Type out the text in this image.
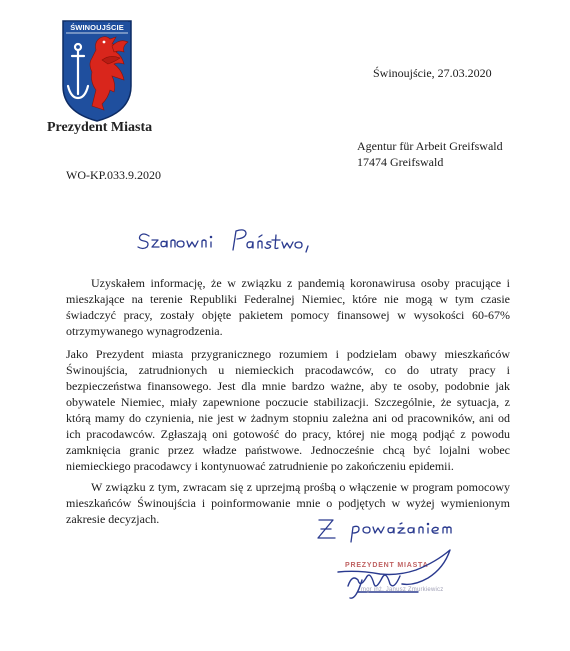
ŚWINOUJŚCIE
Prezydent Miasta
Świnoujście, 27.03.2020
Agentur für Arbeit Greifswald
17474 Greifswald
WO-KP.033.9.2020

Uzyskałem informację, że w związku z pandemią koronawirusa osoby pracujące i mieszkające na terenie Republiki Federalnej Niemiec, które nie mogą w tym czasie świadczyć pracy, zostały objęte pakietem pomocy finansowej w wysokości 60-67% otrzymywanego wynagrodzenia.

Jako Prezydent miasta przygranicznego rozumiem i podzielam obawy mieszkańców Świnoujścia, zatrudnionych u niemieckich pracodawców, co do utraty pracy i bezpieczeństwa finansowego. Jest dla mnie bardzo ważne, aby te osoby, podobnie jak obywatele Niemiec, miały zapewnione poczucie stabilizacji. Szczególnie, że sytuacja, z którą mamy do czynienia, nie jest w żadnym stopniu zależna ani od pracowników, ani od ich pracodawców. Zgłaszają oni gotowość do pracy, której nie mogą podjąć z powodu zamknięcia granic przez władze państwowe. Jednocześnie chcą być lojalni wobec niemieckiego pracodawcy i kontynuować zatrudnienie po zakończeniu epidemii.

W związku z tym, zwracam się z uprzejmą prośbą o włączenie w program pomocowy mieszkańców Świnoujścia i poinformowanie mnie o podjętych w wyżej wymienionym zakresie decyzjach.

PREZYDENT MIASTA
mgr inż. Janusz Żmurkiewicz
